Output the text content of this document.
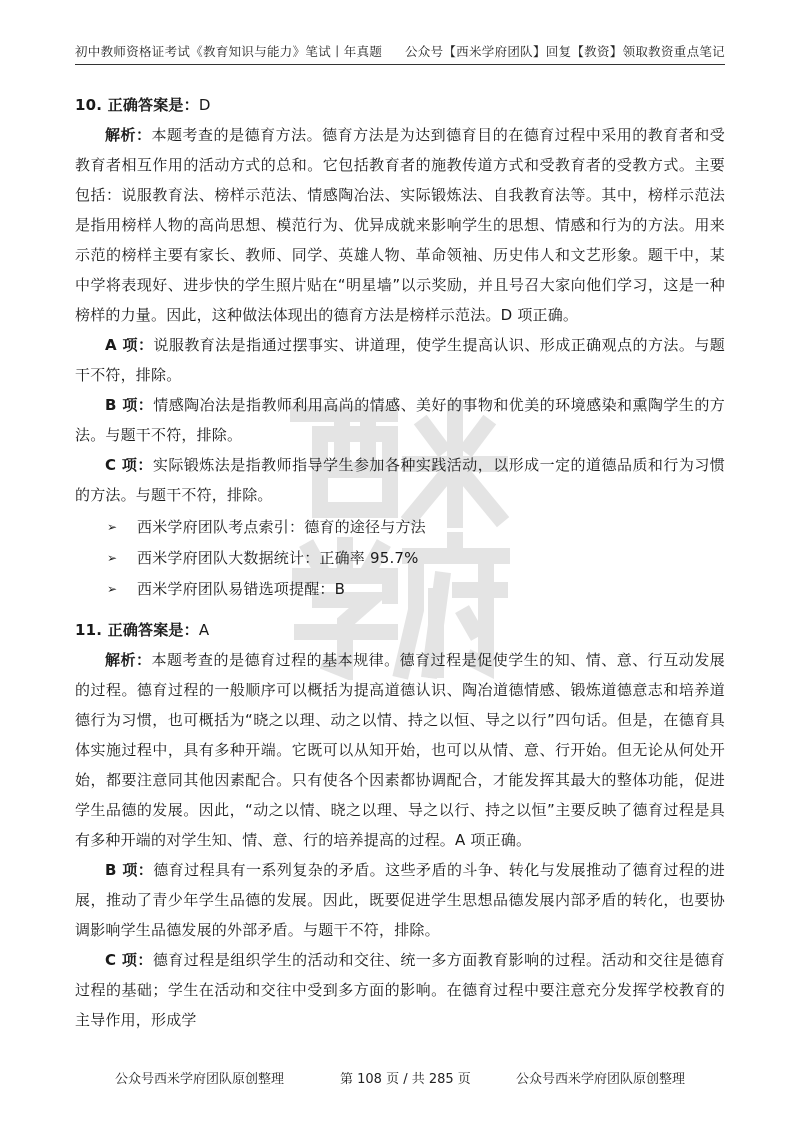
初中教师资格证考试《教育知识与能力》笔试丨年真题 公众号【西米学府团队】回复【教资】领取教资重点笔记

10. 正确答案是：D

解析：本题考查的是德育方法。德育方法是为达到德育目的在德育过程中采用的教育者和受教育者相互作用的活动方式的总和。它包括教育者的施教传道方式和受教育者的受教方式。主要包括：说服教育法、榜样示范法、情感陶冶法、实际锻炼法、自我教育法等。其中，榜样示范法是指用榜样人物的高尚思想、模范行为、优异成就来影响学生的思想、情感和行为的方法。用来示范的榜样主要有家长、教师、同学、英雄人物、革命领袖、历史伟人和文艺形象。题干中，某中学将表现好、进步快的学生照片贴在“明星墙”以示奖励，并且号召大家向他们学习，这是一种榜样的力量。因此，这种做法体现出的德育方法是榜样示范法。D 项正确。

A 项：说服教育法是指通过摆事实、讲道理，使学生提高认识、形成正确观点的方法。与题干不符，排除。

B 项：情感陶冶法是指教师利用高尚的情感、美好的事物和优美的环境感染和熏陶学生的方法。与题干不符，排除。

C 项：实际锻炼法是指教师指导学生参加各种实践活动，以形成一定的道德品质和行为习惯的方法。与题干不符，排除。

➢ 西米学府团队考点索引：德育的途径与方法
➢ 西米学府团队大数据统计：正确率 95.7%
➢ 西米学府团队易错选项提醒：B

11. 正确答案是：A

解析：本题考查的是德育过程的基本规律。德育过程是促使学生的知、情、意、行互动发展的过程。德育过程的一般顺序可以概括为提高道德认识、陶冶道德情感、锻炼道德意志和培养道德行为习惯，也可概括为“晓之以理、动之以情、持之以恒、导之以行”四句话。但是，在德育具体实施过程中，具有多种开端。它既可以从知开始，也可以从情、意、行开始。但无论从何处开始，都要注意同其他因素配合。只有使各个因素都协调配合，才能发挥其最大的整体功能，促进学生品德的发展。因此，“动之以情、晓之以理、导之以行、持之以恒”主要反映了德育过程是具有多种开端的对学生知、情、意、行的培养提高的过程。A 项正确。

B 项：德育过程具有一系列复杂的矛盾。这些矛盾的斗争、转化与发展推动了德育过程的进展，推动了青少年学生品德的发展。因此，既要促进学生思想品德发展内部矛盾的转化，也要协调影响学生品德发展的外部矛盾。与题干不符，排除。

C 项：德育过程是组织学生的活动和交往、统一多方面教育影响的过程。活动和交往是德育过程的基础；学生在活动和交往中受到多方面的影响。在德育过程中要注意充分发挥学校教育的主导作用，形成学

公众号西米学府团队原创整理	第 108 页 / 共 285 页	公众号西米学府团队原创整理
